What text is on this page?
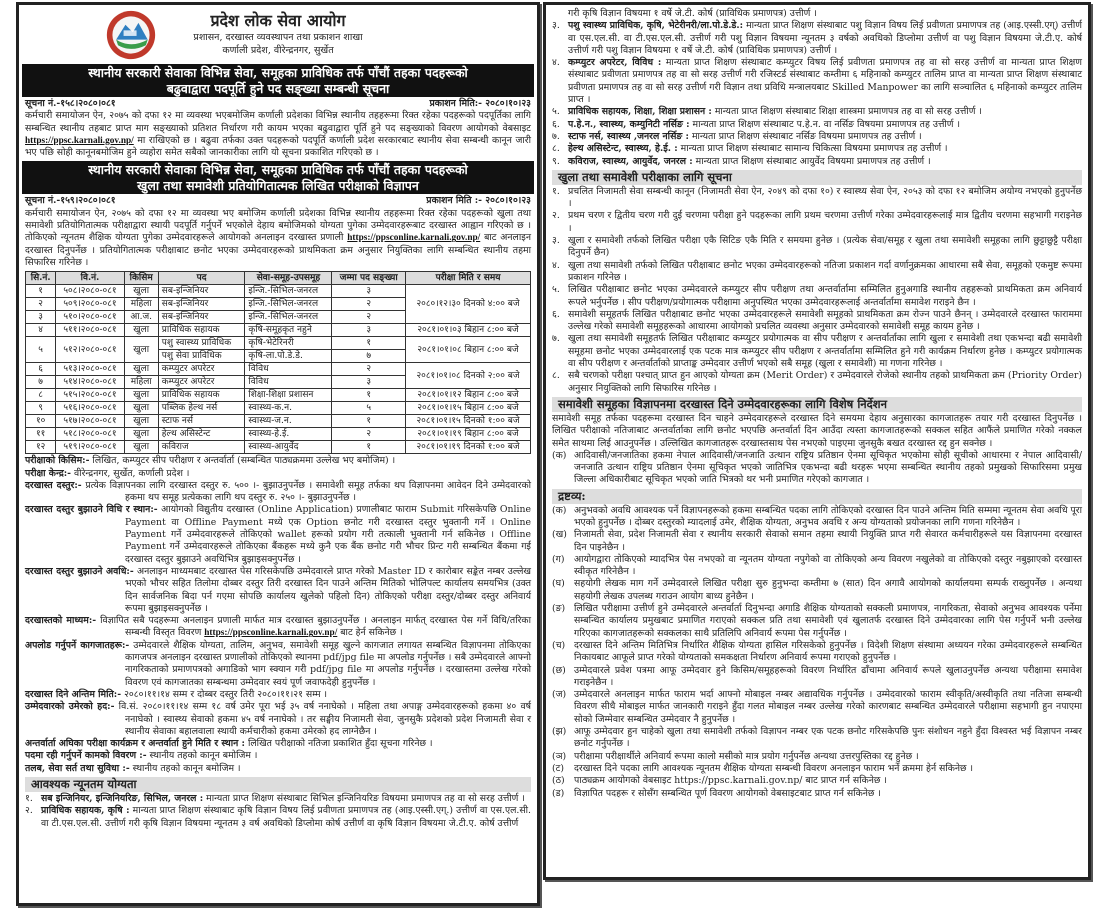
प्रदेश लोक सेवा आयोग
प्रशासन, दरखास्त व्यवस्थापन तथा प्रकाशन शाखा
कर्णाली प्रदेश, वीरेन्द्रनगर, सुर्खेत
स्थानीय सरकारी सेवाका विभिन्न सेवा, समूहका प्राविधिक तर्फ पाँचौं तहका पदहरूको
बढुवाद्वारा पदपूर्ति हुने पद सङ्ख्या सम्बन्धी सूचना
सूचना नं.-१५८।२०८०।०८१	प्रकाशन मिति:- २०८०।१०।२३
कर्मचारी समायोजन ऐन, २०७५ को दफा १२ मा व्यवस्था भएबमोजिम कर्णाली प्रदेशका विभिन्न स्थानीय तहहरूमा रिक्त रहेका पदहरूको पदपूर्तिका लागि सम्बन्धित स्थानीय तहबाट प्राप्त माग सङ्ख्याको प्रतिशत निर्धारण गरी कायम भएका बढुवाद्वारा पूर्ति हुने पद सङ्ख्याको विवरण आयोगको वेबसाइट https://ppsc.karnali.gov.np/ मा राखिएको छ । बढुवा तर्फका उक्त पदहरूको पदपूर्ति कर्णाली प्रदेश सरकारबाट स्थानीय सेवा सम्बन्धी कानून जारी भए पछि सोही कानूनबमोजिम हुने व्यहोरा समेत सबैको जानकारीका लागि यो सूचना प्रकाशित गरिएको छ ।
स्थानीय सरकारी सेवाका विभिन्न सेवा, समूहका प्राविधिक तर्फ पाँचौं तहका पदहरूको
खुला तथा समावेशी प्रतियोगितात्मक लिखित परीक्षाको विज्ञापन
सूचना नं.-१५९।२०८०।०८१	प्रकाशन मिति :- २०८०।१०।२३
कर्मचारी समायोजन ऐन, २०७५ को दफा १२ मा व्यवस्था भए बमोजिम कर्णाली प्रदेशका विभिन्न स्थानीय तहहरूमा रिक्त रहेका पदहरूको खुला तथा समावेशी प्रतियोगितात्मक परीक्षाद्वारा स्थायी पदपूर्ति गर्नुपर्ने भएकोले देहाय बमोजिमको योग्यता पुगेका उम्मेदवारहरूबाट दरखास्त आह्वान गरिएको छ । तोकिएको न्यूनतम शैक्षिक योग्यता पुगेका उम्मेदवारहरूले आयोगको अनलाइन दरखास्त प्रणाली https://ppsconline.karnali.gov.np/ बाट अनलाइन दरखास्त दिनुपर्नेछ । प्रतियोगितात्मक परीक्षाबाट छनोट भएका उम्मेदवारहरूको प्राथमिकता क्रम अनुसार नियुक्तिका लागि सम्बन्धित स्थानीय तहमा सिफारिस गरिनेछ ।
सि.नं.	वि.नं.	किसिम	पद	सेवा-समूह-उपसमूह	जम्मा पद सङ्ख्या	परीक्षा मिति र समय
१	५०८।२०८०-०८१	खुला	सब-इन्जिनियर	इन्जि.-सिभिल-जनरल	३	२०८०।१२।३० दिनको ४:०० बजे
२	५०९।२०८०-०८१	महिला	सब-इन्जिनियर	इन्जि.-सिभिल-जनरल	२	
३	५१०।२०८०-०८१	आ.ज.	सब-इन्जिनियर	इन्जि.-सिभिल-जनरल	२	
४	५११।२०८०-०८१	खुला	प्राविधिक सहायक	कृषि-समूहकृत नहुने	३	२०८१।०१।०३ बिहान ८:०० बजे
५	५१२।२०८०-०८१	खुला	पशु स्वास्थ्य प्राविधिक	कृषि-भेटेरिनरी	१	२०८१।०१।०८ बिहान ८:०० बजे
			पशु सेवा प्राविधिक	कृषि-ला.पो.डे.डे.	७	
६	५१३।२०८०-०८१	खुला	कम्प्युटर अपरेटर	विविध	२	२०८१।०१।०८ दिनको २:०० बजे
७	५१४।२०८०-०८१	महिला	कम्प्युटर अपरेटर	विविध	३	
८	५१५।२०८०-०८१	खुला	प्राविधिक सहायक	शिक्षा-शिक्षा प्रशासन	१	२०८१।०१।१२ बिहान ८:०० बजे
९	५१६।२०८०-०८१	खुला	पब्लिक हेल्थ नर्स	स्वास्थ्य-क.न.	५	२०८१।०१।१५ बिहान ८:०० बजे
१०	५१७।२०८०-०८१	खुला	स्टाफ नर्स	स्वास्थ्य-ज.न.	१	२०८१।०१।१५ दिनको १:०० बजे
११	५१८।२०८०-०८१	खुला	हेल्थ असिस्टेन्ट	स्वास्थ्य-हे.ई.	२	२०८१।०१।१९ बिहान ८:०० बजे
१२	५१९।२०८०-०८१	खुला	कविराज	स्वास्थ्य-आयुर्वेद	१	२०८१।०१।१९ दिनको १:०० बजे
परीक्षाको किसिम:- लिखित, कम्प्युटर सीप परीक्षण र अन्तर्वार्ता (सम्बन्धित पाठ्यक्रममा उल्लेख भए बमोजिम) ।
परीक्षा केन्द्र:- वीरेन्द्रनगर, सुर्खेत, कर्णाली प्रदेश ।
दरखास्त दस्तुर:- प्रत्येक विज्ञापनका लागि दरखास्त दस्तुर रु. ५०० ।- बुझाउनुपर्नेछ । समावेशी समूह तर्फका थप विज्ञापनमा आवेदन दिने उम्मेदवारको हकमा थप समूह प्रत्येकका लागि थप दस्तुर रु. २५० ।- बुझाउनुपर्नेछ ।
दरखास्त दस्तुर बुझाउने विधि र स्थान:- आयोगको विद्युतीय दरखास्त (Online Application) प्रणालीबाट फाराम Submit गरिसकेपछि Online Payment वा Offline Payment मध्ये एक Option छनोट गरी दरखास्त दस्तुर भुक्तानी गर्ने । Online Payment गर्ने उम्मेदवारहरूले तोकिएको wallet हरूको प्रयोग गरी तत्काली भुक्तानी गर्न सकिनेछ । Offline Payment गर्ने उम्मेदवारहरूले तोकिएका बैंकहरू मध्ये कुनै एक बैंक छनोट गरी भौचर प्रिन्ट गरी सम्बन्धित बैंकमा गई दरखास्त दस्तुर बुझाउने अवधिभित्र बुझाइसक्नुपर्नेछ ।
दरखास्त दस्तुर बुझाउने अवधि:- अनलाइन माध्यमबाट दरखास्त पेस गरिसकेपछि उम्मेदवारले प्राप्त गरेको Master ID र कारोबार सङ्केत नम्बर उल्लेख भएको भौचर सहित तिलोमा दोब्बर दस्तुर तिरी दरखास्त दिन पाउने अन्तिम मितिको भोलिपल्ट कार्यालय समयभित्र (उक्त दिन सार्वजनिक बिदा पर्न गएमा सोपछि कार्यालय खुलेको पहिलो दिन) तोकिएको परीक्षा दस्तुर/दोब्बर दस्तुर अनिवार्य रूपमा बुझाइसक्नुपर्नेछ ।
दरखास्तको माध्यम:- विज्ञापित सबै पदहरूमा अनलाइन प्रणाली मार्फत मात्र दरखास्त बुझाउनुपर्नेछ । अनलाइन मार्फत् दरखास्त पेस गर्ने विधि/तरिका सम्बन्धी विस्तृत विवरण https://ppsconline.karnali.gov.np/ बाट हेर्न सकिनेछ ।
अपलोड गर्नुपर्ने कागजातहरू:- उम्मेदवारले शैक्षिक योग्यता, तालिम, अनुभव, समावेशी समूह खुल्ने कागजात लगायत सम्बन्धित विज्ञापनमा तोकिएका कागजपत्र अनलाइन दरखास्त प्रणालीको तोकिएको स्थानमा pdf/jpg file मा अपलोड गर्नुपर्नेछ । सबै उम्मेदवारले आफ्नो नागरिकताको प्रमाणपत्रको अगाडिको भाग स्क्यान गरी pdf/jpg file मा अपलोड गर्नुपर्नेछ । दरखास्तमा उल्लेख गरेको विवरण एवं कागजातका सम्बन्धमा उम्मेदवार स्वयं पूर्ण जवाफदेही हुनुपर्नेछ ।
दरखास्त दिने अन्तिम मिति:- २०८०।११।१४ सम्म र दोब्बर दस्तुर तिरी २०८०।११।२१ सम्म ।
उम्मेदवारको उमेरको हद:- वि.सं. २०८०।११।१४ सम्म १८ वर्ष उमेर पूरा भई ३५ वर्ष ननाघेको । महिला तथा अपाङ्ग उम्मेदवारहरूको हकमा ४० वर्ष ननाघेको । स्वास्थ्य सेवाको हकमा ४५ वर्ष ननाघेको । तर सङ्घीय निजामती सेवा, जुनसुकै प्रदेशको प्रदेश निजामती सेवा र स्थानीय सेवाका बहालवाला स्थायी कर्मचारीको हकमा उमेरको हद लाग्नेछैन ।
अन्तर्वार्ता अघिका परीक्षा कार्यक्रम र अन्तर्वार्ता हुने मिति र स्थान : लिखित परीक्षाको नतिजा प्रकाशित हुँदा सूचना गरिनेछ ।
पदमा रही गर्नुपर्ने कामको विवरण :- स्थानीय तहको कानून बमोजिम ।
तलब, सेवा सर्त तथा सुविधा :- स्थानीय तहको कानून बमोजिम ।
आवश्यक न्यूनतम योग्यता
१. सब इन्जिनियर, इन्जिनियरिङ, सिभिल, जनरल : मान्यता प्राप्त शिक्षण संस्थाबाट सिभिल इन्जिनियरिङ विषयमा प्रमाणपत्र तह वा सो सरह उत्तीर्ण ।
२. प्राविधिक सहायक, कृषि : मान्यता प्राप्त शिक्षण संस्थाबाट कृषि विज्ञान विषय लिई प्रवीणता प्रमाणपत्र तह (आइ.एस्सी.एग्.) उत्तीर्ण वा एस.एल.सी. वा टी.एस.एल.सी. उत्तीर्ण गरी कृषि विज्ञान विषयमा न्यूनतम ३ वर्ष अवधिको डिप्लोमा कोर्ष उत्तीर्ण वा कृषि विज्ञान विषयमा जे.टी.ए. कोर्ष उत्तीर्ण
गरी कृषि विज्ञान विषयमा १ वर्षे जे.टी. कोर्ष (प्राविधिक प्रमाणपत्र) उत्तीर्ण ।
३. पशु स्वास्थ्य प्राविधिक, कृषि, भेटेरीनरी/ला.पो.डे.डे.: मान्यता प्राप्त शिक्षण संस्थाबाट पशु विज्ञान विषय लिई प्रवीणता प्रमाणपत्र तह (आइ.एस्सी.एग्) उत्तीर्ण वा एस.एल.सी. वा टी.एस.एल.सी. उत्तीर्ण गरी पशु विज्ञान विषयमा न्यूनतम ३ वर्षको अवधिको डिप्लोमा उत्तीर्ण वा पशु विज्ञान विषयमा जे.टी.ए. कोर्ष उत्तीर्ण गरी पशु विज्ञान विषयमा १ वर्षे जे.टी. कोर्ष (प्राविधिक प्रमाणपत्र) उत्तीर्ण ।
४. कम्प्युटर अपरेटर, विविध : मान्यता प्राप्त शिक्षण संस्थाबाट कम्प्युटर विषय लिई प्रवीणता प्रमाणपत्र तह वा सो सरह उत्तीर्ण वा मान्यता प्राप्त शिक्षण संस्थाबाट प्रवीणता प्रमाणपत्र तह वा सो सरह उत्तीर्ण गरी रजिस्टर्ड संस्थाबाट कम्तीमा ६ महिनाको कम्प्युटर तालिम प्राप्त वा मान्यता प्राप्त शिक्षण संस्थाबाट प्रवीणता प्रमाणपत्र तह वा सो सरह उत्तीर्ण गरी विज्ञान तथा प्रविधि मन्त्रालयबाट Skilled Manpower का लागि सञ्चालित ६ महिनाको कम्प्युटर तालिम प्राप्त ।
५. प्राविधिक सहायक, शिक्षा, शिक्षा प्रशासन : मान्यता प्राप्त शिक्षण संस्थाबाट शिक्षा शास्त्रमा प्रमाणपत्र तह वा सो सरह उत्तीर्ण ।
६. प.हे.न., स्वास्थ्य, कम्युनिटी नर्सिङ : मान्यता प्राप्त शिक्षण संस्थाबाट प.हे.न. वा नर्सिङ विषयमा प्रमाणपत्र तह उत्तीर्ण ।
७. स्टाफ नर्स, स्वास्थ्य ,जनरल नर्सिङ : मान्यता प्राप्त शिक्षण संस्थाबाट नर्सिङ विषयमा प्रमाणपत्र तह उत्तीर्ण ।
८. हेल्थ असिस्टेन्ट, स्वास्थ्य, हे.ई. : मान्यता प्राप्त शिक्षण संस्थाबाट सामान्य चिकित्सा विषयमा प्रमाणपत्र तह उत्तीर्ण ।
९. कविराज, स्वास्थ्य, आयुर्वेद, जनरल : मान्यता प्राप्त शिक्षण संस्थाबाट आयुर्वेद विषयमा प्रमाणपत्र तह उत्तीर्ण ।
खुला तथा समावेशी परीक्षाका लागि सूचना
१. प्रचलित निजामती सेवा सम्बन्धी कानून (निजामती सेवा ऐन, २०४९ को दफा १०) र स्वास्थ्य सेवा ऐन, २०५३ को दफा १२ बमोजिम अयोग्य नभएको हुनुपर्नेछ ।
२. प्रथम चरण र द्वितीय चरण गरी दुई चरणमा परीक्षा हुने पदहरूका लागि प्रथम चरणमा उत्तीर्ण गरेका उम्मेदवारहरूलाई मात्र द्वितीय चरणमा सहभागी गराइनेछ ।
३. खुला र समावेशी तर्फको लिखित परीक्षा एकै सिटिङ एकै मिति र समयमा हुनेछ । (प्रत्येक सेवा/समूह र खुला तथा समावेशी समूहका लागि छुट्टाछुट्टै परीक्षा दिनुपर्ने छैन)
४. खुला तथा समावेशी तर्फको लिखित परीक्षाबाट छनोट भएका उम्मेदवारहरूको नतिजा प्रकाशन गर्दा वर्णानुक्रमका आधारमा सबै सेवा, समूहको एकमुष्ट रूपमा प्रकाशन गरिनेछ ।
५. लिखित परीक्षाबाट छनोट भएका उम्मेदवारले कम्प्युटर सीप परीक्षण तथा अन्तर्वार्तामा सम्मिलित हुनुअगाडि स्थानीय तहहरूको प्राथमिकता क्रम अनिवार्य रूपले भर्नुपर्नेछ । सीप परीक्षण/प्रयोगात्मक परीक्षामा अनुपस्थित भएका उम्मेदवारहरूलाई अन्तर्वार्तामा समावेश गराइने छैन ।
६. समावेशी समूहतर्फ लिखित परीक्षाबाट छनोट भएका उम्मेदवारहरूले समावेशी समूहको प्राथमिकता क्रम रोज्न पाउने छैनन् । उम्मेदवारले दरखास्त फाराममा उल्लेख गरेको समावेशी समूहहरूको आधारमा आयोगको प्रचलित व्यवस्था अनुसार उम्मेदवारको समावेशी समूह कायम हुनेछ ।
७. खुला तथा समावेशी समूहतर्फ लिखित परीक्षाबाट कम्प्युटर प्रयोगात्मक वा सीप परीक्षण र अन्तर्वार्ताका लागि खुला र समावेशी तथा एकभन्दा बढी समावेशी समूहमा छनोट भएका उम्मेदवारलाई एक पटक मात्र कम्प्युटर सीप परीक्षण र अन्तर्वार्तामा सम्मिलित हुने गरी कार्यक्रम निर्धारण हुनेछ । कम्प्युटर प्रयोगात्मक वा सीप परीक्षण र अन्तर्वार्ताको प्राप्ताङ्क उम्मेदवार उत्तीर्ण भएको सबै समूह (खुला र समावेशी) मा गणना गरिनेछ ।
८. सबै चरणको परीक्षा पश्चात् प्राप्त हुन आएको योग्यता क्रम (Merit Order) र उम्मेदवारले रोजेको स्थानीय तहको प्राथमिकता क्रम (Priority Order) अनुसार नियुक्तिको लागि सिफारिस गरिनेछ ।
समावेशी समूहका विज्ञापनमा दरखास्त दिने उम्मेदवारहरूका लागि विशेष निर्देशन
समावेशी समूह तर्फका पदहरूमा दरखास्त दिन चाहने उम्मेदवारहरूले दरखास्त दिने समयमा देहाय अनुसारका कागजातहरू तयार गरी दरखास्त दिनुपर्नेछ । लिखित परीक्षाको नतिजाबाट अन्तर्वार्ताका लागि छनोट भएपछि अन्तर्वार्ता दिन आउँदा त्यस्ता कागजातहरूको सक्कल सहित आफैंले प्रमाणित गरेको नक्कल समेत साथमा लिई आउनुपर्नेछ । उल्लिखित कागजातहरू दरखास्तसाथ पेस नभएको पाइएमा जुनसुकै बखत दरखास्त रद्द हुन सक्नेछ ।
(क) आदिवासी/जनजातिका हकमा नेपाल आदिवासी/जनजाति उत्थान राष्ट्रिय प्रतिष्ठान ऐनमा सूचिकृत भएकोमा सोही सूचीको आधारमा र नेपाल आदिवासी/जनजाति उत्थान राष्ट्रिय प्रतिष्ठान ऐनमा सूचिकृत भएको जातिभित्र एकभन्दा बढी थरहरू भएमा सम्बन्धित स्थानीय तहको प्रमुखको सिफारिसमा प्रमुख जिल्ला अधिकारीबाट सूचिकृत भएको जाति भित्रको थर भनी प्रमाणित गरेएको कागजात ।
द्रष्टव्य:
(क) अनुभवको अवधि आवश्यक पर्ने विज्ञापनहरूको हकमा सम्बन्धित पदका लागि तोकिएको दरखास्त दिन पाउने अन्तिम मिति सम्ममा न्यूनतम सेवा अवधि पूरा भएको हुनुपर्नेछ । दोब्बर दस्तुरको म्यादलाई उमेर, शैक्षिक योग्यता, अनुभव अवधि र अन्य योग्यताको प्रयोजनका लागि गणना गरिनेछैन ।
(ख) निजामती सेवा, प्रदेश निजामती सेवा र स्थानीय सरकारी सेवाको समान तहमा स्थायी नियुक्ति प्राप्त गरी सेवारत कर्मचारीहरूले यस विज्ञापनमा दरखास्त दिन पाइनेछैन ।
(ग)	आयोगद्वारा तोकिएको म्यादभित्र पेस नभएको वा न्यूनतम योग्यता नपुगेको वा तोकिएको अन्य विवरण नखुलेको वा तोकिएको दस्तुर नबुझाएको दरखास्त स्वीकृत गरिनेछैन ।
(घ) सहयोगी लेखक माग गर्ने उम्मेदवारले लिखित परीक्षा सुरु हुनुभन्दा कम्तीमा ७ (सात) दिन अगावै आयोगको कार्यालयमा सम्पर्क राख्नुपर्नेछ । अन्यथा सहयोगी लेखक उपलब्ध गराउन आयोग बाध्य हुनेछैन ।
(ङ) लिखित परीक्षामा उत्तीर्ण हुने उम्मेदवारले अन्तर्वार्ता दिनुभन्दा अगाडि शैक्षिक योग्यताको सक्कली प्रमाणपत्र, नागरिकता, सेवाको अनुभव आवश्यक पर्नेमा सम्बन्धित कार्यालय प्रमुखबाट प्रमाणित गराएको सक्कल प्रति तथा समावेशी एवं खुलातर्फ दरखास्त दिने उम्मेदवारका लागि पेस गर्नुपर्ने भनी उल्लेख गरिएका कागजातहरूको सक्कलका साथै प्रतिलिपि अनिवार्य रूपमा पेस गर्नुपर्नेछ ।
(च) दरखास्त दिने अन्तिम मितिभित्र निर्धारित शैक्षिक योग्यता हासिल गरिसकेको हुनुपर्नेछ । विदेशी शिक्षण संस्थामा अध्ययन गरेका उम्मेदवारहरूले सम्बन्धित निकायबाट आफूले प्राप्त गरेको योग्यताको समकक्षता निर्धारण अनिवार्य रूपमा गराएको हुनुपर्नेछ ।
(छ) उम्मेदवारले प्रवेश पत्रमा आफू उम्मेदवार हुने किसिम/समूहहरूको विवरण निर्धारित ढाँचामा अनिवार्य रूपले खुलाउनुपर्नेछ अन्यथा परीक्षामा समावेश गराइनेछैन ।
(ज) उम्मेदवारले अनलाइन मार्फत फाराम भर्दा आफ्नो मोबाइल नम्बर अद्यावधिक गर्नुपर्नेछ । उम्मेदवारको फाराम स्वीकृति/अस्वीकृति तथा नतिजा सम्बन्धी विवरण सीधै मोबाइल मार्फत जानकारी गराइने हुँदा गलत मोबाइल नम्बर उल्लेख गरेको कारणबाट सम्बन्धित उम्मेदवारले परीक्षामा सहभागी हुन नपाएमा सोको जिम्मेवार सम्बन्धित उम्मेदवार नै हुनुपर्नेछ ।
(झ) आफू उम्मेदवार हुन चाहेको खुला तथा समावेशी तर्फको विज्ञापन नम्बर एक पटक छनोट गरिसकेपछि पुनः संशोधन नहुने हुँदा विश्वस्त भई विज्ञापन नम्बर छनोट गर्नुपर्नेछ ।
(ञ) परीक्षामा परीक्षार्थीले अनिवार्य रूपमा कालो मसीको मात्र प्रयोग गर्नुपर्नेछ अन्यथा उत्तरपुस्तिका रद्द हुनेछ ।
(ट)	दरखास्त दिने पदका लागि आवश्यक न्यूनतम शैक्षिक योग्यता सम्बन्धी विवरण अनलाइन फाराम भर्ने क्रममा हेर्न सकिनेछ ।
(ठ)	पाठ्यक्रम आयोगको वेबसाइट https://ppsc.karnali.gov.np/ बाट प्राप्त गर्न सकिनेछ ।
(ड)	विज्ञापित पदहरू र सोसँग सम्बन्धित पूर्ण विवरण आयोगको वेबसाइटबाट प्राप्त गर्न सकिनेछ ।
